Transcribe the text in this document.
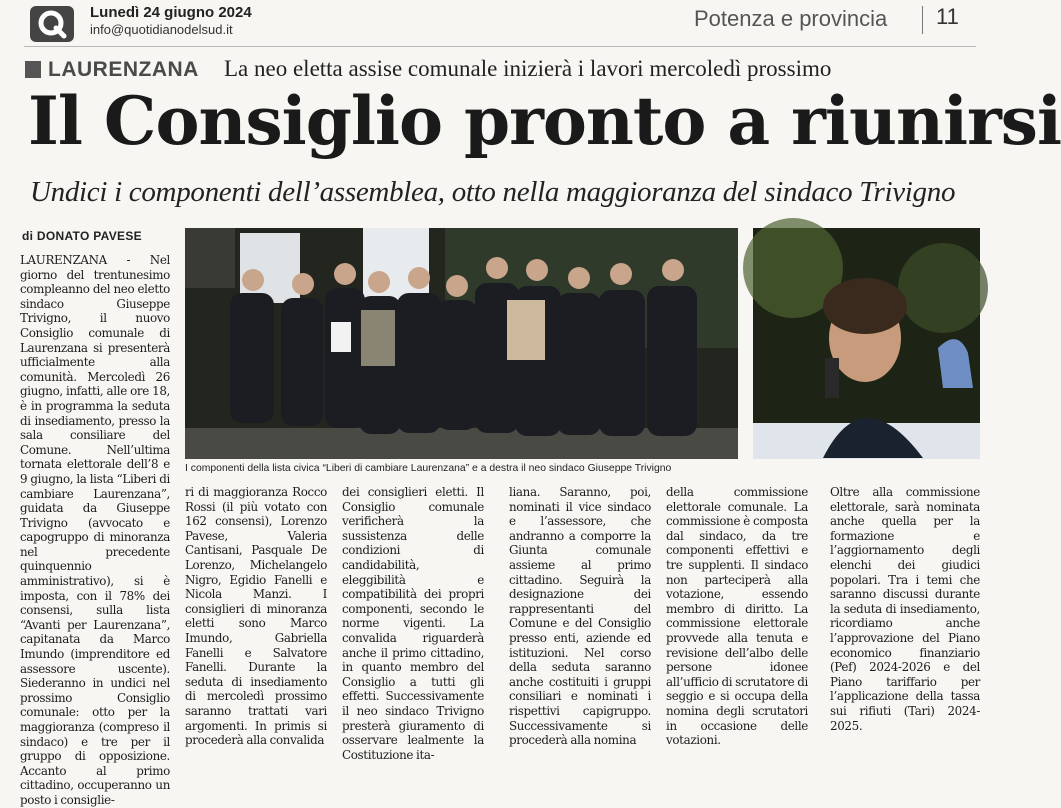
Lunedì 24 giugno 2024
info@quotidianodelsud.it	Potenza e provincia 11
LAURENZANA La neo eletta assise comunale inizierà i lavori mercoledì prossimo
Il Consiglio pronto a riunirsi
Undici i componenti dell’assemblea, otto nella maggioranza del sindaco Trivigno
di DONATO PAVESE
I componenti della lista civica “Liberi di cambiare Laurenzana” e a destra il neo sindaco Giuseppe Trivigno
LAURENZANA - Nel giorno del trentunesimo compleanno del neo eletto sindaco Giuseppe Trivigno, il nuovo Consiglio comunale di Laurenzana si presenterà ufficialmente alla comunità. Mercoledì 26 giugno, infatti, alle ore 18, è in programma la seduta di insediamento, presso la sala consiliare del Comune. Nell’ultima tornata elettorale dell’8 e 9 giugno, la lista “Liberi di cambiare Laurenzana”, guidata da Giuseppe Trivigno (avvocato e capogruppo di minoranza nel precedente quinquennio amministrativo), si è imposta, con il 78% dei consensi, sulla lista “Avanti per Laurenzana”, capitanata da Marco Imundo (imprenditore ed assessore uscente). Siederanno in undici nel prossimo Consiglio comunale: otto per la maggioranza (compreso il sindaco) e tre per il gruppo di opposizione. Accanto al primo cittadino, occuperanno un posto i consiglie-
ri di maggioranza Rocco Rossi (il più votato con 162 consensi), Lorenzo Pavese, Valeria Cantisani, Pasquale De Lorenzo, Michelangelo Nigro, Egidio Fanelli e Nicola Manzi. I consiglieri di minoranza eletti sono Marco Imundo, Gabriella Fanelli e Salvatore Fanelli. Durante la seduta di insediamento di mercoledì prossimo saranno trattati vari argomenti. In primis si procederà alla convalida
dei consiglieri eletti. Il Consiglio comunale verificherà la sussistenza delle condizioni di candidabilità, eleggibilità e compatibilità dei propri componenti, secondo le norme vigenti. La convalida riguarderà anche il primo cittadino, in quanto membro del Consiglio a tutti gli effetti. Successivamente il neo sindaco Trivigno presterà giuramento di osservare lealmente la Costituzione ita-
liana. Saranno, poi, nominati il vice sindaco e l’assessore, che andranno a comporre la Giunta comunale assieme al primo cittadino. Seguirà la designazione dei rappresentanti del Comune e del Consiglio presso enti, aziende ed istituzioni. Nel corso della seduta saranno anche costituiti i gruppi consiliari e nominati i rispettivi capigruppo. Successivamente si procederà alla nomina
della commissione elettorale comunale. La commissione è composta dal sindaco, da tre componenti effettivi e tre supplenti. Il sindaco non parteciperà alla votazione, essendo membro di diritto. La commissione elettorale provvede alla tenuta e revisione dell’albo delle persone idonee all’ufficio di scrutatore di seggio e si occupa della nomina degli scrutatori in occasione delle votazioni.
Oltre alla commissione elettorale, sarà nominata anche quella per la formazione e l’aggiornamento degli elenchi dei giudici popolari. Tra i temi che saranno discussi durante la seduta di insediamento, ricordiamo anche l’approvazione del Piano economico finanziario (Pef) 2024-2026 e del Piano tariffario per l’applicazione della tassa sui rifiuti (Tari) 2024-2025.
